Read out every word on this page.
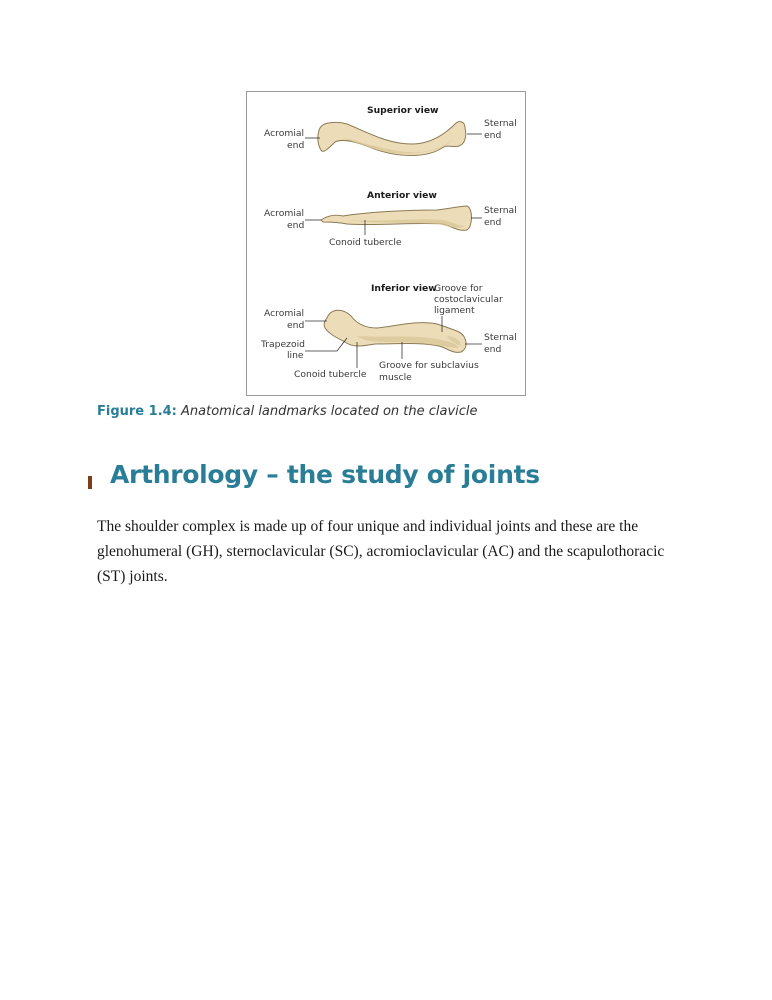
Superior view
Acromial
end
Sternal
end
Anterior view
Acromial
end
Sternal
end
Conoid tubercle
Inferior view
Groove for
costoclavicular
ligament
Acromial
end
Sternal
end
Trapezoid
line
Conoid tubercle
Groove for subclavius
muscle
Figure 1.4: Anatomical landmarks located on the clavicle
Arthrology – the study of joints

The shoulder complex is made up of four unique and individual joints and these are the glenohumeral (GH), sternoclavicular (SC), acromioclavicular (AC) and the scapulothoracic (ST) joints.
